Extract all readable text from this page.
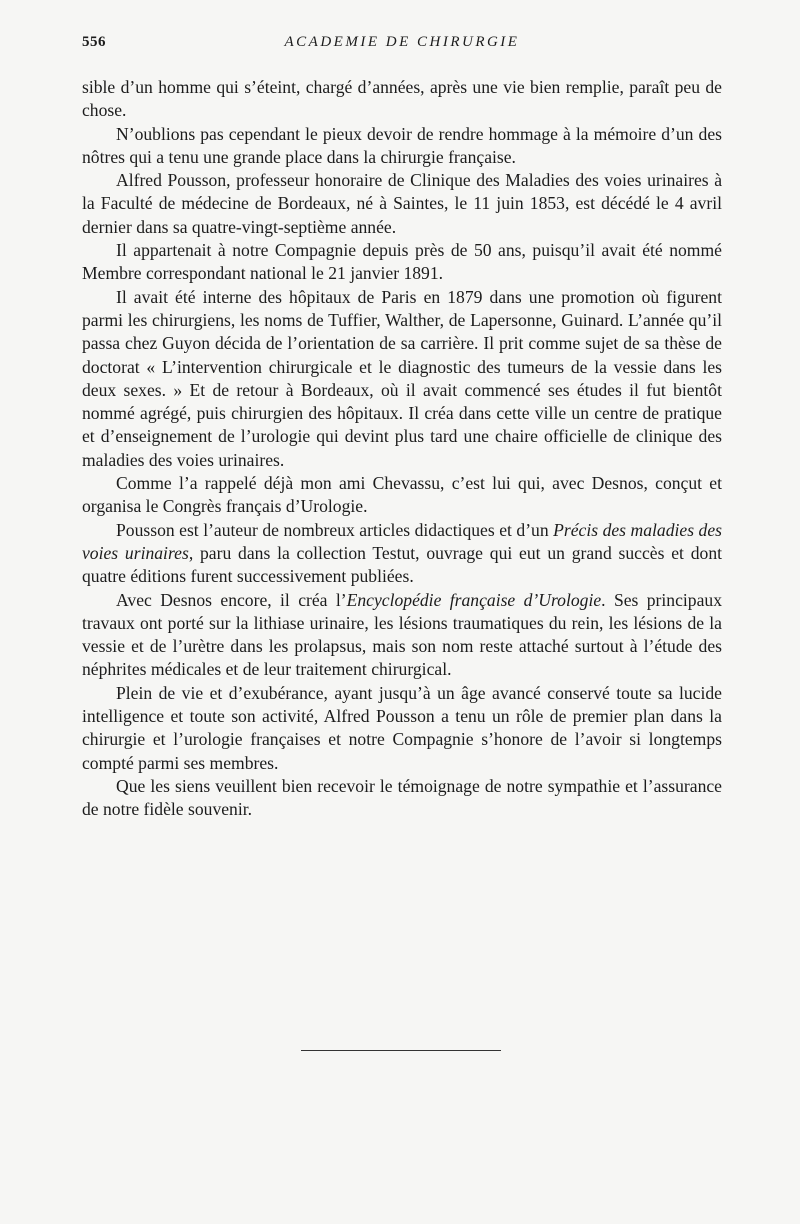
556	ACADEMIE DE CHIRURGIE

sible d’un homme qui s’éteint, chargé d’années, après une vie bien remplie, paraît peu de chose.

N’oublions pas cependant le pieux devoir de rendre hommage à la mémoire d’un des nôtres qui a tenu une grande place dans la chirurgie française.

Alfred Pousson, professeur honoraire de Clinique des Maladies des voies urinaires à la Faculté de médecine de Bordeaux, né à Saintes, le 11 juin 1853, est décédé le 4 avril dernier dans sa quatre-vingt-septième année.

Il appartenait à notre Compagnie depuis près de 50 ans, puisqu’il avait été nommé Membre correspondant national le 21 janvier 1891.

Il avait été interne des hôpitaux de Paris en 1879 dans une promotion où figurent parmi les chirurgiens, les noms de Tuffier, Walther, de Lapersonne, Guinard. L’année qu’il passa chez Guyon décida de l’orientation de sa carrière. Il prit comme sujet de sa thèse de doctorat « L’intervention chirurgicale et le diagnostic des tumeurs de la vessie dans les deux sexes. » Et de retour à Bordeaux, où il avait commencé ses études il fut bientôt nommé agrégé, puis chirurgien des hôpitaux. Il créa dans cette ville un centre de pratique et d’enseignement de l’urologie qui devint plus tard une chaire officielle de clinique des maladies des voies urinaires.

Comme l’a rappelé déjà mon ami Chevassu, c’est lui qui, avec Desnos, conçut et organisa le Congrès français d’Urologie.

Pousson est l’auteur de nombreux articles didactiques et d’un Précis des maladies des voies urinaires, paru dans la collection Testut, ouvrage qui eut un grand succès et dont quatre éditions furent successivement publiées.

Avec Desnos encore, il créa l’Encyclopédie française d’Urologie. Ses principaux travaux ont porté sur la lithiase urinaire, les lésions traumatiques du rein, les lésions de la vessie et de l’urètre dans les prolapsus, mais son nom reste attaché surtout à l’étude des néphrites médicales et de leur traitement chirurgical.

Plein de vie et d’exubérance, ayant jusqu’à un âge avancé conservé toute sa lucide intelligence et toute son activité, Alfred Pousson a tenu un rôle de premier plan dans la chirurgie et l’urologie françaises et notre Compagnie s’honore de l’avoir si longtemps compté parmi ses membres.

Que les siens veuillent bien recevoir le témoignage de notre sympathie et l’assurance de notre fidèle souvenir.
